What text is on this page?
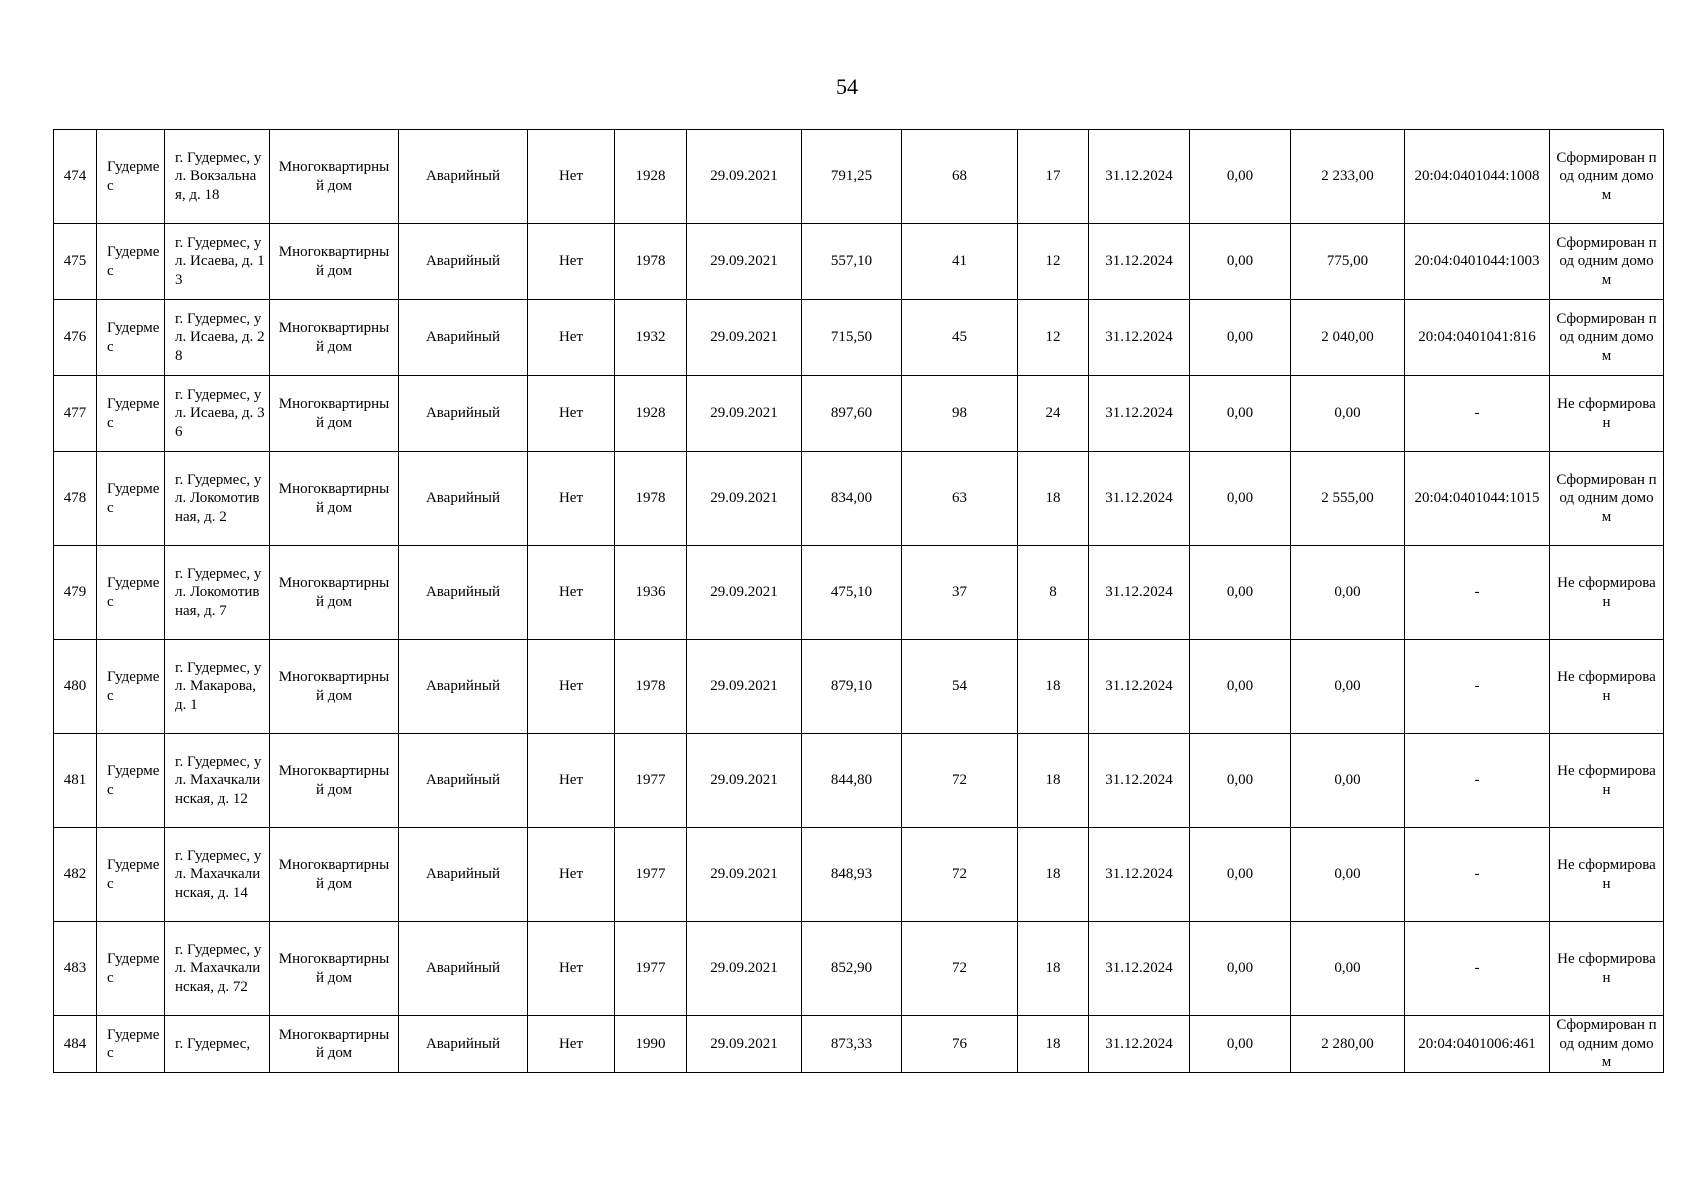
54
474	Гудермес	г. Гудермес, ул. Вокзальная, д. 18	Многоквартирный дом	Аварийный	Нет	1928	29.09.2021	791,25	68	17	31.12.2024	0,00	2 233,00	20:04:0401044:1008	Сформирован под одним домом
475	Гудермес	г. Гудермес, ул. Исаева, д. 13	Многоквартирный дом	Аварийный	Нет	1978	29.09.2021	557,10	41	12	31.12.2024	0,00	775,00	20:04:0401044:1003	Сформирован под одним домом
476	Гудермес	г. Гудермес, ул. Исаева, д. 28	Многоквартирный дом	Аварийный	Нет	1932	29.09.2021	715,50	45	12	31.12.2024	0,00	2 040,00	20:04:0401041:816	Сформирован под одним домом
477	Гудермес	г. Гудермес, ул. Исаева, д. 36	Многоквартирный дом	Аварийный	Нет	1928	29.09.2021	897,60	98	24	31.12.2024	0,00	0,00	-	Не сформирован
478	Гудермес	г. Гудермес, ул. Локомотивная, д. 2	Многоквартирный дом	Аварийный	Нет	1978	29.09.2021	834,00	63	18	31.12.2024	0,00	2 555,00	20:04:0401044:1015	Сформирован под одним домом
479	Гудермес	г. Гудермес, ул. Локомотивная, д. 7	Многоквартирный дом	Аварийный	Нет	1936	29.09.2021	475,10	37	8	31.12.2024	0,00	0,00	-	Не сформирован
480	Гудермес	г. Гудермес, ул. Макарова, д. 1	Многоквартирный дом	Аварийный	Нет	1978	29.09.2021	879,10	54	18	31.12.2024	0,00	0,00	-	Не сформирован
481	Гудермес	г. Гудермес, ул. Махачкалинская, д. 12	Многоквартирный дом	Аварийный	Нет	1977	29.09.2021	844,80	72	18	31.12.2024	0,00	0,00	-	Не сформирован
482	Гудермес	г. Гудермес, ул. Махачкалинская, д. 14	Многоквартирный дом	Аварийный	Нет	1977	29.09.2021	848,93	72	18	31.12.2024	0,00	0,00	-	Не сформирован
483	Гудермес	г. Гудермес, ул. Махачкалинская, д. 72	Многоквартирный дом	Аварийный	Нет	1977	29.09.2021	852,90	72	18	31.12.2024	0,00	0,00	-	Не сформирован
484	Гудермес	г. Гудермес,	Многоквартирный дом	Аварийный	Нет	1990	29.09.2021	873,33	76	18	31.12.2024	0,00	2 280,00	20:04:0401006:461	Сформирован под одним домом
